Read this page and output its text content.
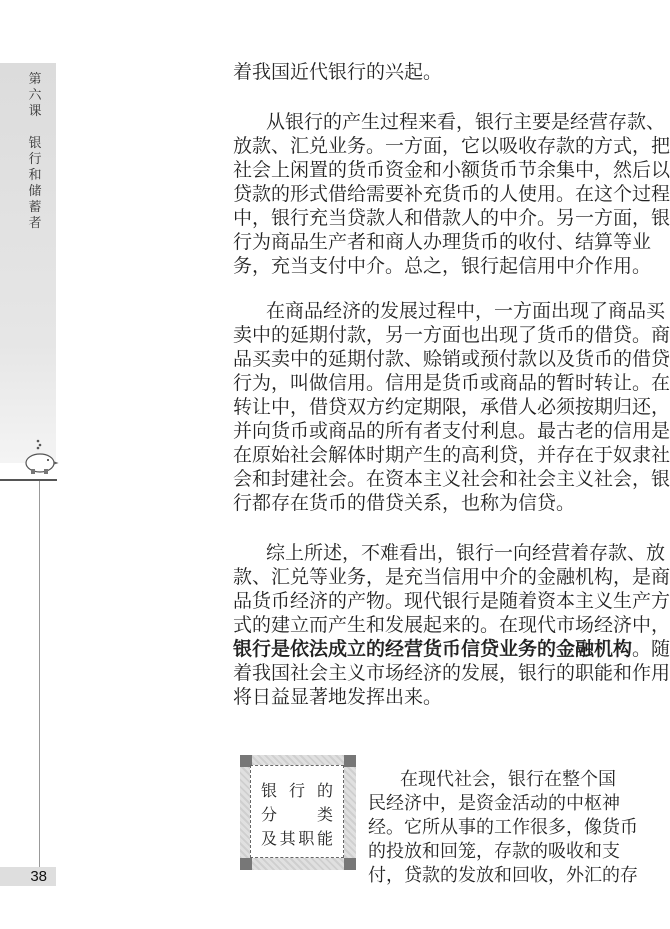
第
六
课
银
行
和
储
蓄
者
38
着我国近代银行的兴起。
从银行的产生过程来看，银行主要是经营存款、
放款、汇兑业务。一方面，它以吸收存款的方式，把
社会上闲置的货币资金和小额货币节余集中，然后以
贷款的形式借给需要补充货币的人使用。在这个过程
中，银行充当贷款人和借款人的中介。另一方面，银
行为商品生产者和商人办理货币的收付、结算等业
务，充当支付中介。总之，银行起信用中介作用。
在商品经济的发展过程中，一方面出现了商品买
卖中的延期付款，另一方面也出现了货币的借贷。商
品买卖中的延期付款、赊销或预付款以及货币的借贷
行为，叫做信用。信用是货币或商品的暂时转让。在
转让中，借贷双方约定期限，承借人必须按期归还，
并向货币或商品的所有者支付利息。最古老的信用是
在原始社会解体时期产生的高利贷，并存在于奴隶社
会和封建社会。在资本主义社会和社会主义社会，银
行都存在货币的借贷关系，也称为信贷。
综上所述，不难看出，银行一向经营着存款、放
款、汇兑等业务，是充当信用中介的金融机构，是商
品货币经济的产物。现代银行是随着资本主义生产方
式的建立而产生和发展起来的。在现代市场经济中，
银行是依法成立的经营货币信贷业务的金融机构。随
着我国社会主义市场经济的发展，银行的职能和作用
将日益显著地发挥出来。
银 行 的
分 类
及其职能
在现代社会，银行在整个国
民经济中，是资金活动的中枢神
经。它所从事的工作很多，像货币
的投放和回笼，存款的吸收和支
付，贷款的发放和回收，外汇的存
